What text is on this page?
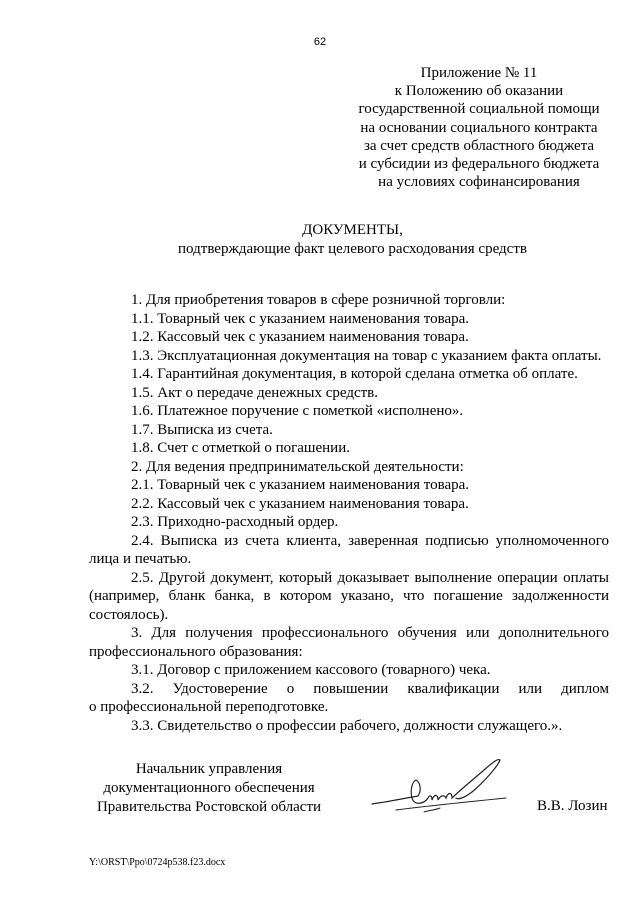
62
Приложение № 11
к Положению об оказании
государственной социальной помощи
на основании социального контракта
за счет средств областного бюджета
и субсидии из федерального бюджета
на условиях софинансирования
ДОКУМЕНТЫ,
подтверждающие факт целевого расходования средств

1. Для приобретения товаров в сфере розничной торговли:

1.1. Товарный чек с указанием наименования товара.

1.2. Кассовый чек с указанием наименования товара.

1.3. Эксплуатационная документация на товар с указанием факта оплаты.

1.4. Гарантийная документация, в которой сделана отметка об оплате.

1.5. Акт о передаче денежных средств.

1.6. Платежное поручение с пометкой «исполнено».

1.7. Выписка из счета.

1.8. Счет с отметкой о погашении.

2. Для ведения предпринимательской деятельности:

2.1. Товарный чек с указанием наименования товара.

2.2. Кассовый чек с указанием наименования товара.

2.3. Приходно-расходный ордер.

2.4. Выписка из счета клиента, заверенная подписью уполномоченного

лица и печатью.

2.5. Другой документ, который доказывает выполнение операции оплаты

(например, бланк банка, в котором указано, что погашение задолженности

состоялось).

3. Для получения профессионального обучения или дополнительного

профессионального образования:

3.1. Договор с приложением кассового (товарного) чека.

3.2. Удостоверение о повышении квалификации или диплом

о профессиональной переподготовке.

3.3. Свидетельство о профессии рабочего, должности служащего.».

Начальник управления
документационного обеспечения
Правительства Ростовской области	В.В. Лозин
Y:\ORST\Ppo\0724p538.f23.docx
